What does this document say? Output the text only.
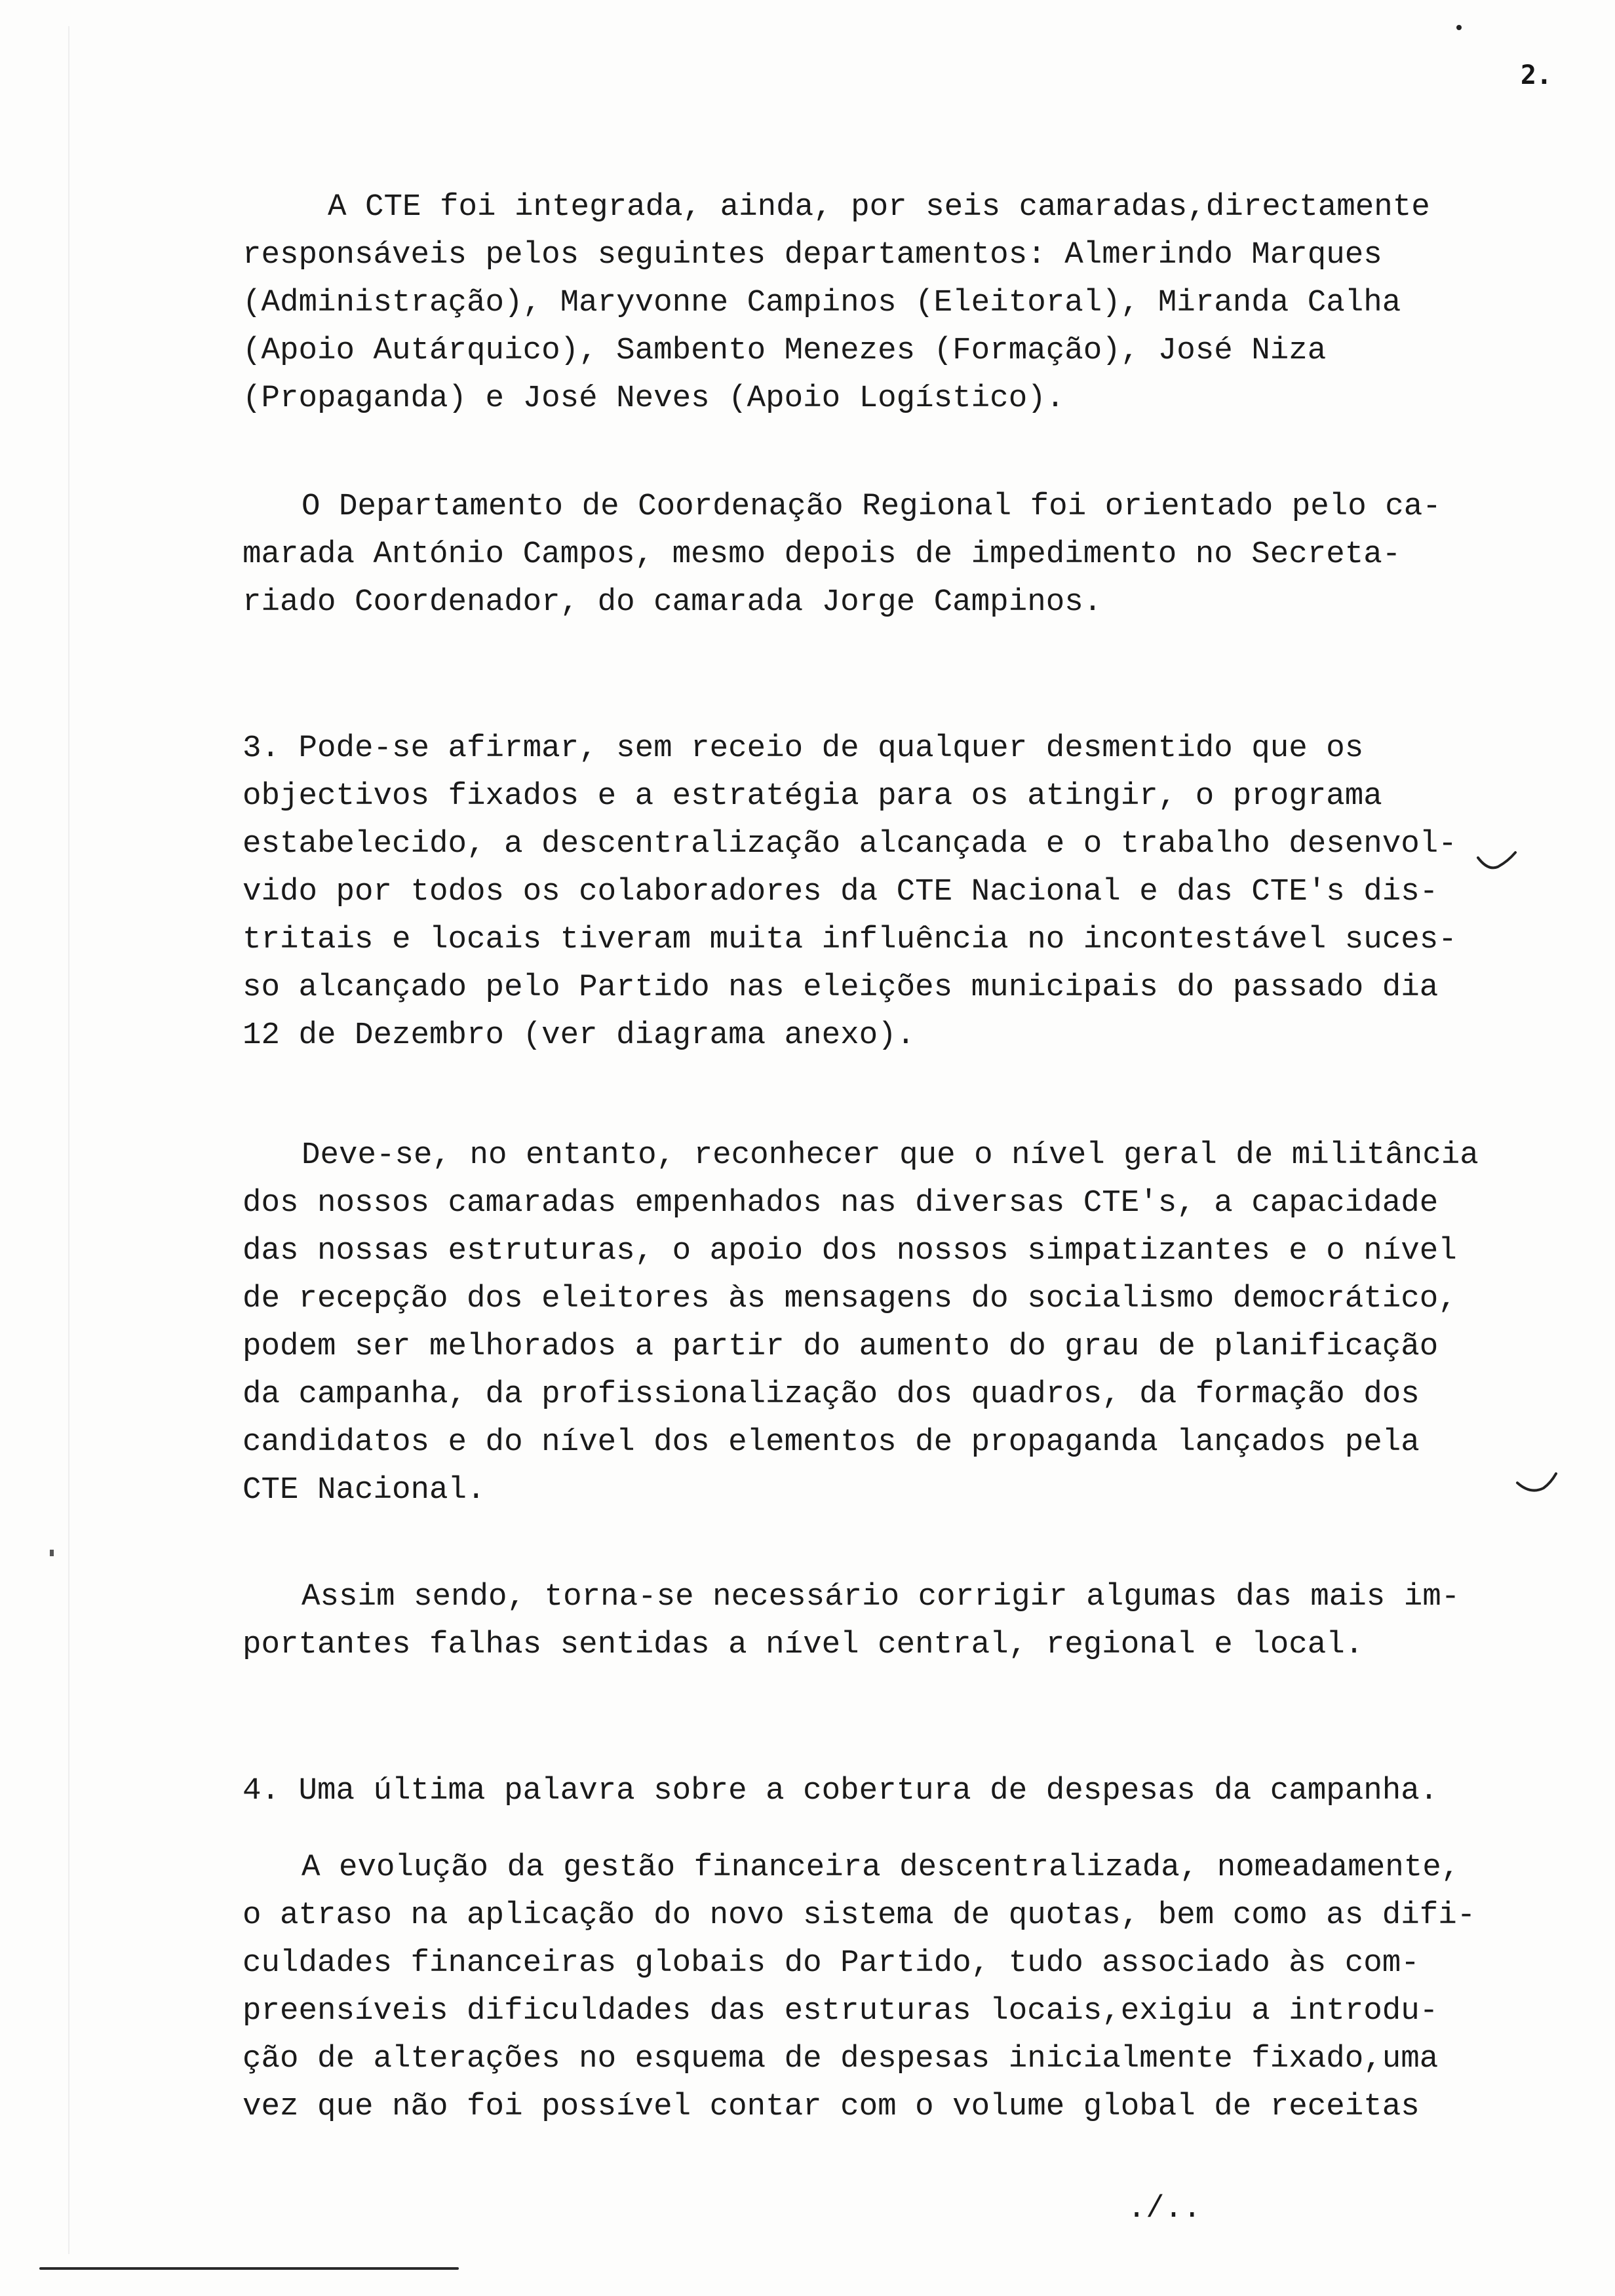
2.
A CTE foi integrada, ainda, por seis camaradas,directamente
responsáveis pelos seguintes departamentos: Almerindo Marques
(Administração), Maryvonne Campinos (Eleitoral), Miranda Calha
(Apoio Autárquico), Sambento Menezes (Formação), José Niza
(Propaganda) e José Neves (Apoio Logístico).
O Departamento de Coordenação Regional foi orientado pelo ca-
marada António Campos, mesmo depois de impedimento no Secreta-
riado Coordenador, do camarada Jorge Campinos.
3. Pode-se afirmar, sem receio de qualquer desmentido que os
objectivos fixados e a estratégia para os atingir, o programa
estabelecido, a descentralização alcançada e o trabalho desenvol-
vido por todos os colaboradores da CTE Nacional e das CTE's dis-
tritais e locais tiveram muita influência no incontestável suces-
so alcançado pelo Partido nas eleições municipais do passado dia
12 de Dezembro (ver diagrama anexo).
Deve-se, no entanto, reconhecer que o nível geral de militância
dos nossos camaradas empenhados nas diversas CTE's, a capacidade
das nossas estruturas, o apoio dos nossos simpatizantes e o nível
de recepção dos eleitores às mensagens do socialismo democrático,
podem ser melhorados a partir do aumento do grau de planificação
da campanha, da profissionalização dos quadros, da formação dos
candidatos e do nível dos elementos de propaganda lançados pela
CTE Nacional.
Assim sendo, torna-se necessário corrigir algumas das mais im-
portantes falhas sentidas a nível central, regional e local.
4. Uma última palavra sobre a cobertura de despesas da campanha.
A evolução da gestão financeira descentralizada, nomeadamente,
o atraso na aplicação do novo sistema de quotas, bem como as difi-
culdades financeiras globais do Partido, tudo associado às com-
preensíveis dificuldades das estruturas locais,exigiu a introdu-
ção de alterações no esquema de despesas inicialmente fixado,uma
vez que não foi possível contar com o volume global de receitas
./..
